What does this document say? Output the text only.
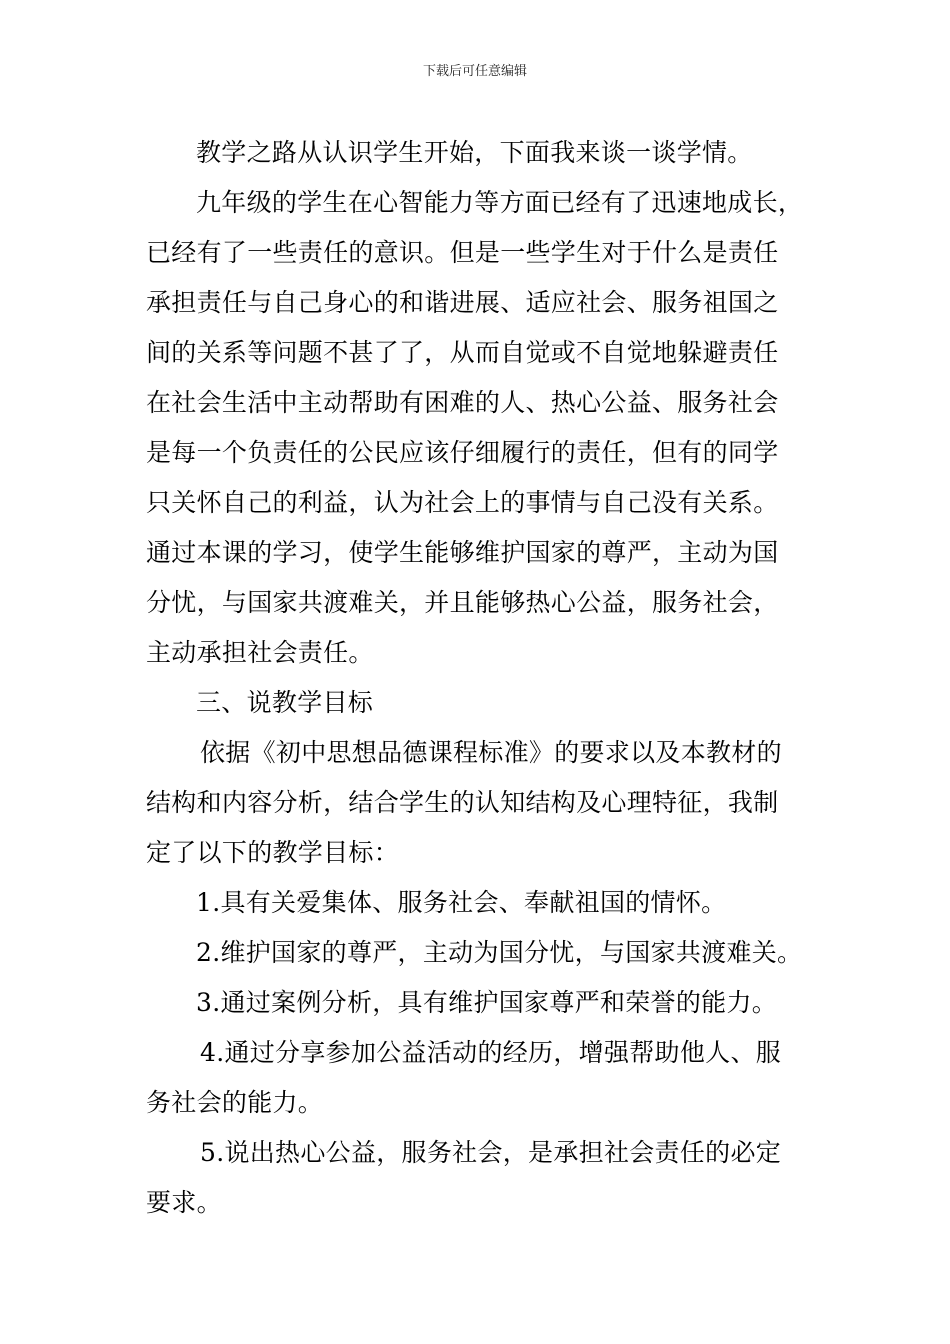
下载后可任意编辑

教学之路从认识学生开始，下面我来谈一谈学情。

九年级的学生在心智能力等方面已经有了迅速地成长，
已经有了一些责任的意识。但是一些学生对于什么是责任
承担责任与自己身心的和谐进展、适应社会、服务祖国之
间的关系等问题不甚了了，从而自觉或不自觉地躲避责任
在社会生活中主动帮助有困难的人、热心公益、服务社会
是每一个负责任的公民应该仔细履行的责任，但有的同学
只关怀自己的利益，认为社会上的事情与自己没有关系。
通过本课的学习，使学生能够维护国家的尊严，主动为国
分忧，与国家共渡难关，并且能够热心公益，服务社会，
主动承担社会责任。

三、说教学目标

依据《初中思想品德课程标准》的要求以及本教材的
结构和内容分析，结合学生的认知结构及心理特征，我制
定了以下的教学目标：

1.具有关爱集体、服务社会、奉献祖国的情怀。

2.维护国家的尊严，主动为国分忧，与国家共渡难关。

3.通过案例分析，具有维护国家尊严和荣誉的能力。

4.通过分享参加公益活动的经历，增强帮助他人、服
务社会的能力。

5.说出热心公益，服务社会，是承担社会责任的必定
要求。
